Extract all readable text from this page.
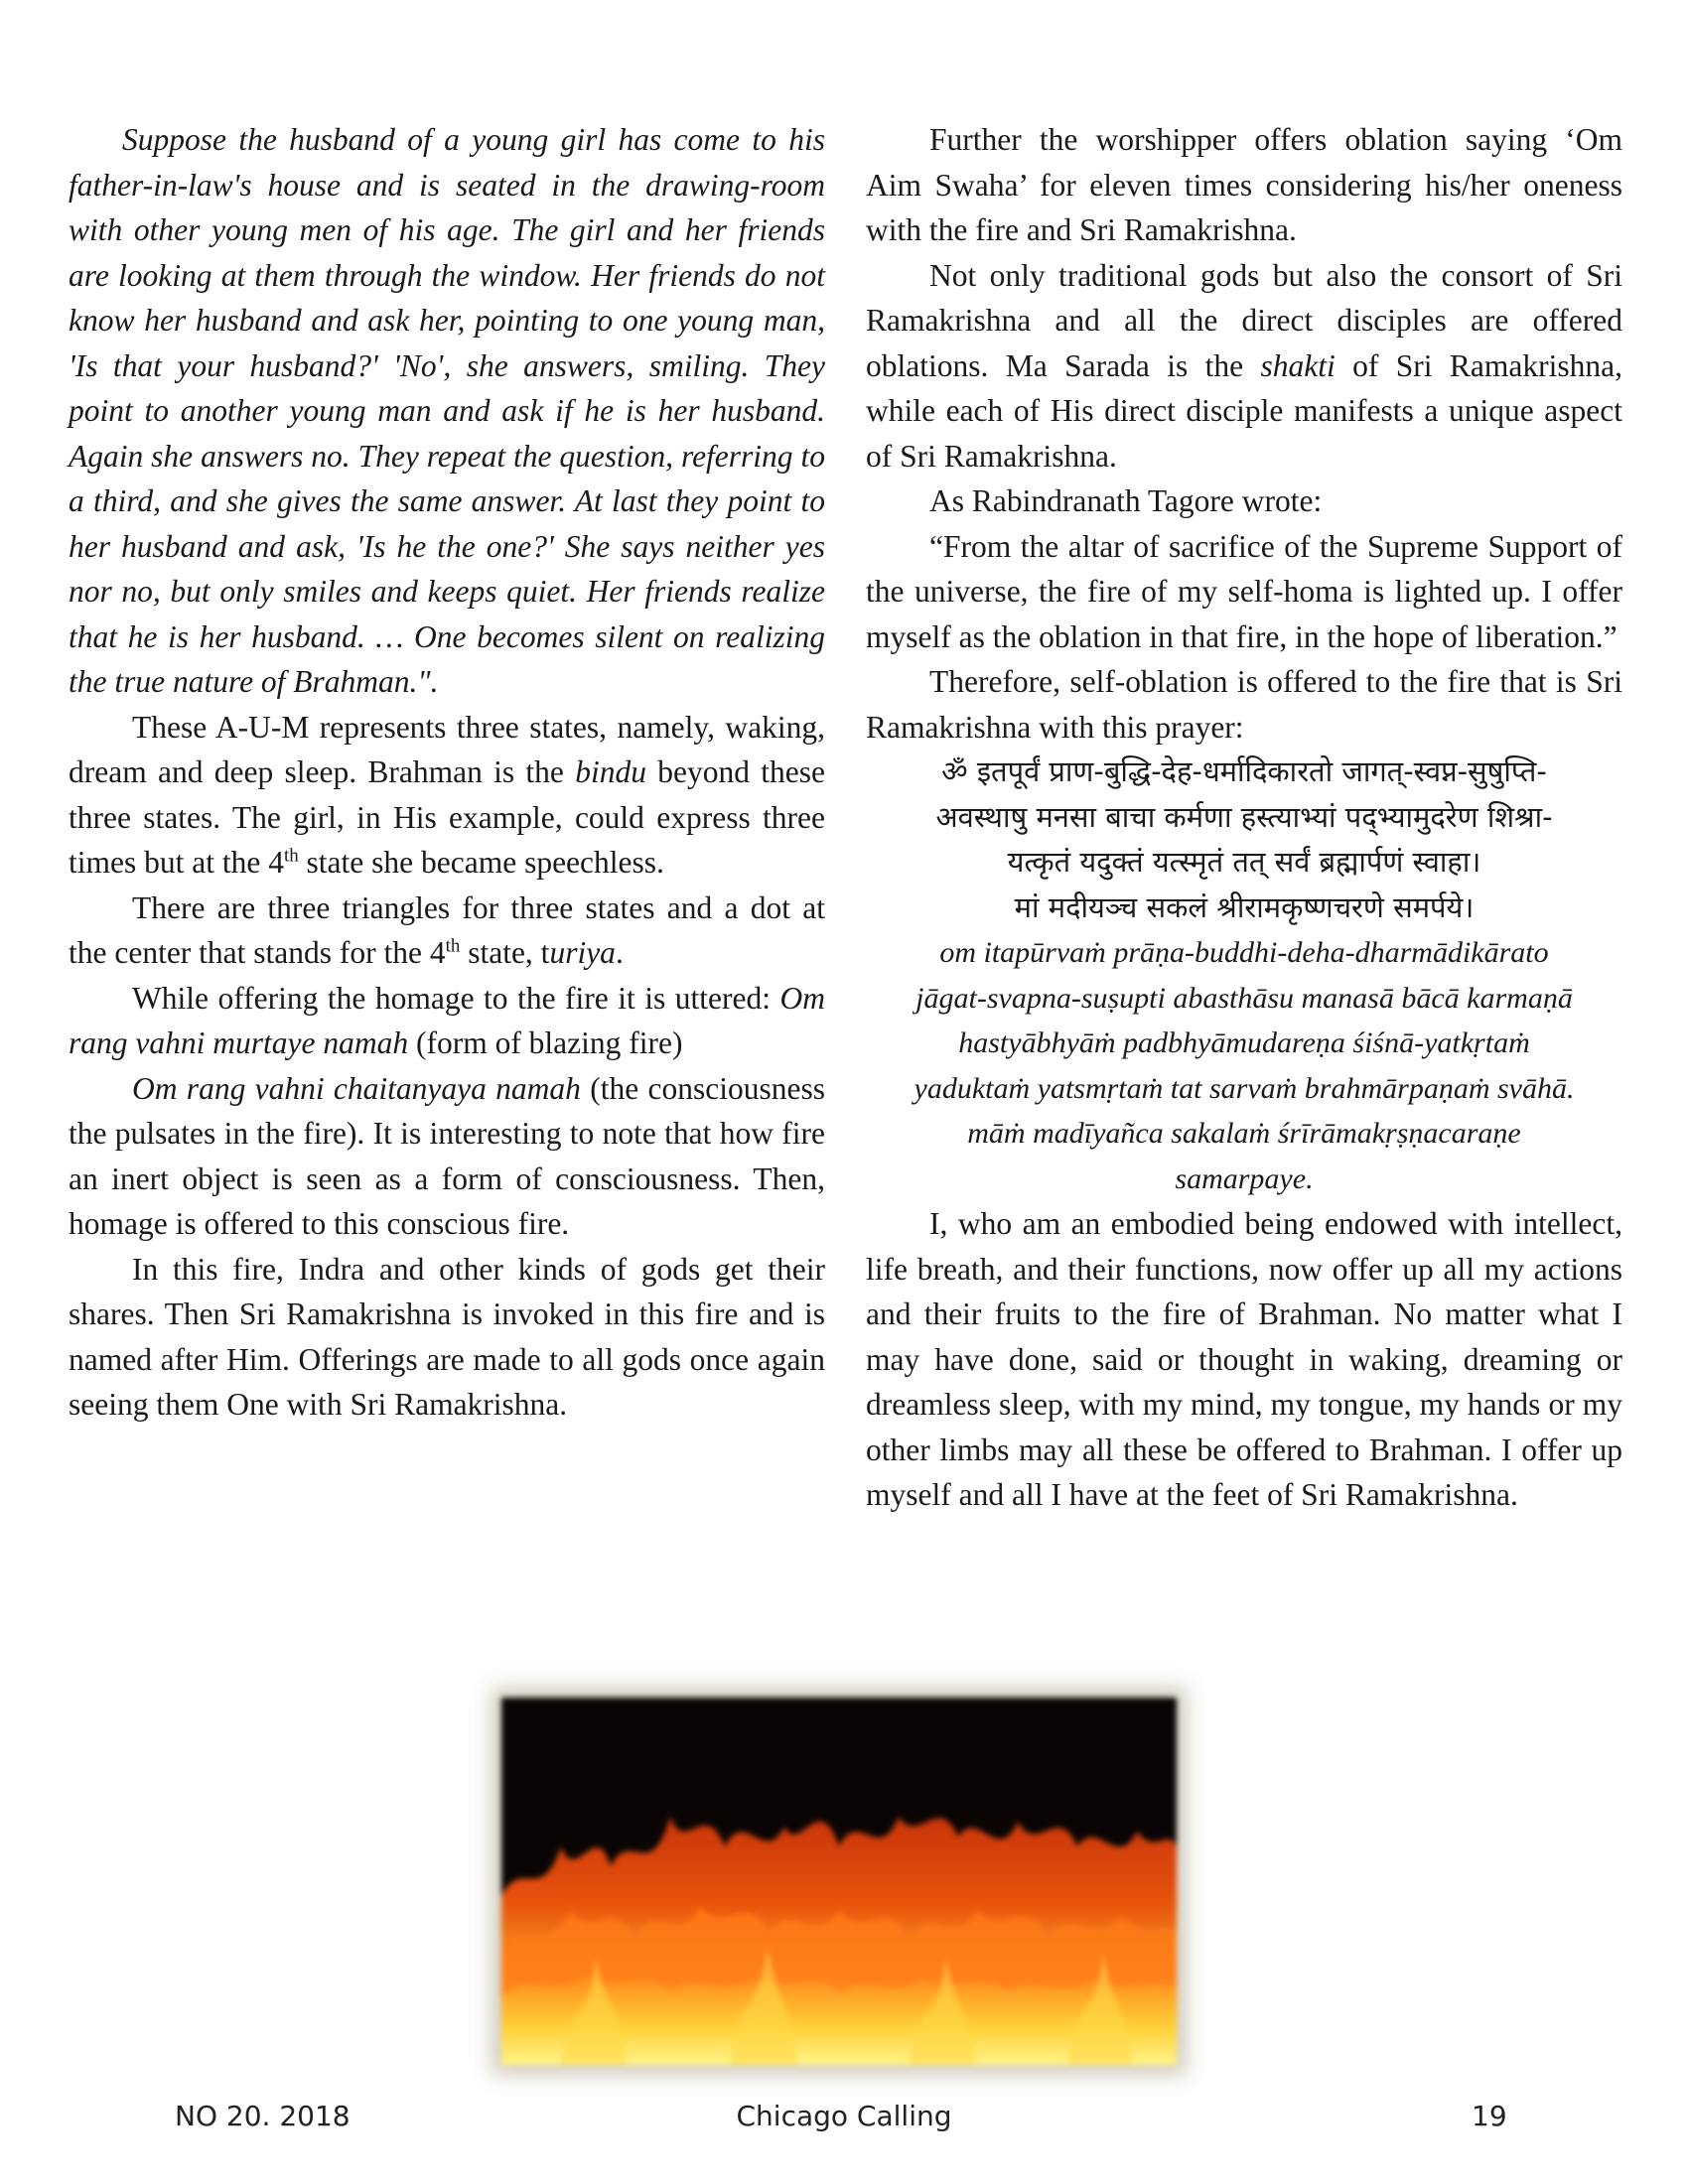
Suppose the husband of a young girl has come to his father-in-law's house and is seated in the drawing-room with other young men of his age. The girl and her friends are looking at them through the window. Her friends do not know her husband and ask her, pointing to one young man, 'Is that your husband?' 'No', she answers, smiling. They point to another young man and ask if he is her husband. Again she answers no. They repeat the question, referring to a third, and she gives the same answer. At last they point to her husband and ask, 'Is he the one?' She says neither yes nor no, but only smiles and keeps quiet. Her friends realize that he is her husband. … One becomes silent on realizing the true nature of Brahman.".

These A-U-M represents three states, namely, waking, dream and deep sleep. Brahman is the bindu beyond these three states. The girl, in His example, could express three times but at the 4th state she became speechless.

There are three triangles for three states and a dot at the center that stands for the 4th state, turiya.

While offering the homage to the fire it is uttered: Om rang vahni murtaye namah (form of blazing fire)

Om rang vahni chaitanyaya namah (the consciousness the pulsates in the fire). It is interesting to note that how fire an inert object is seen as a form of consciousness. Then, homage is offered to this conscious fire.

In this fire, Indra and other kinds of gods get their shares. Then Sri Ramakrishna is invoked in this fire and is named after Him. Offerings are made to all gods once again seeing them One with Sri Ramakrishna.

Further the worshipper offers oblation saying ‘Om Aim Swaha’ for eleven times considering his/her oneness with the fire and Sri Ramakrishna.

Not only traditional gods but also the consort of Sri Ramakrishna and all the direct disciples are offered oblations. Ma Sarada is the shakti of Sri Ramakrishna, while each of His direct disciple manifests a unique aspect of Sri Ramakrishna.

As Rabindranath Tagore wrote:

“From the altar of sacrifice of the Supreme Support of the universe, the fire of my self-homa is lighted up. I offer myself as the oblation in that fire, in the hope of liberation.”

Therefore, self-oblation is offered to the fire that is Sri Ramakrishna with this prayer:

ॐ इतपूर्वं प्राण-बुद्धि-देह-धर्मादिकारतो जागत्-स्वप्न-सुषुप्ति-
अवस्थाषु मनसा बाचा कर्मणा हस्त्याभ्यां पद्भ्यामुदरेण शिश्रा-
यत्कृतं यदुक्तं यत्स्मृतं तत् सर्वं ब्रह्मार्पणं स्वाहा।
मां मदीयञ्च सकलं श्रीरामकृष्णचरणे समर्पये।

om itapūrvaṁ prāṇa-buddhi-deha-dharmādikārato
jāgat-svapna-suṣupti abasthāsu manasā bācā karmaṇā
hastyābhyāṁ padbhyāmudareṇa śiśnā-yatkṛtaṁ
yaduktaṁ yatsmṛtaṁ tat sarvaṁ brahmārpaṇaṁ svāhā.
māṁ madīyañca sakalaṁ śrīrāmakṛṣṇacaraṇe
samarpaye.

I, who am an embodied being endowed with intellect, life breath, and their functions, now offer up all my actions and their fruits to the fire of Brahman. No matter what I may have done, said or thought in waking, dreaming or dreamless sleep, with my mind, my tongue, my hands or my other limbs may all these be offered to Brahman. I offer up myself and all I have at the feet of Sri Ramakrishna.

NO 20. 2018	Chicago Calling	19
